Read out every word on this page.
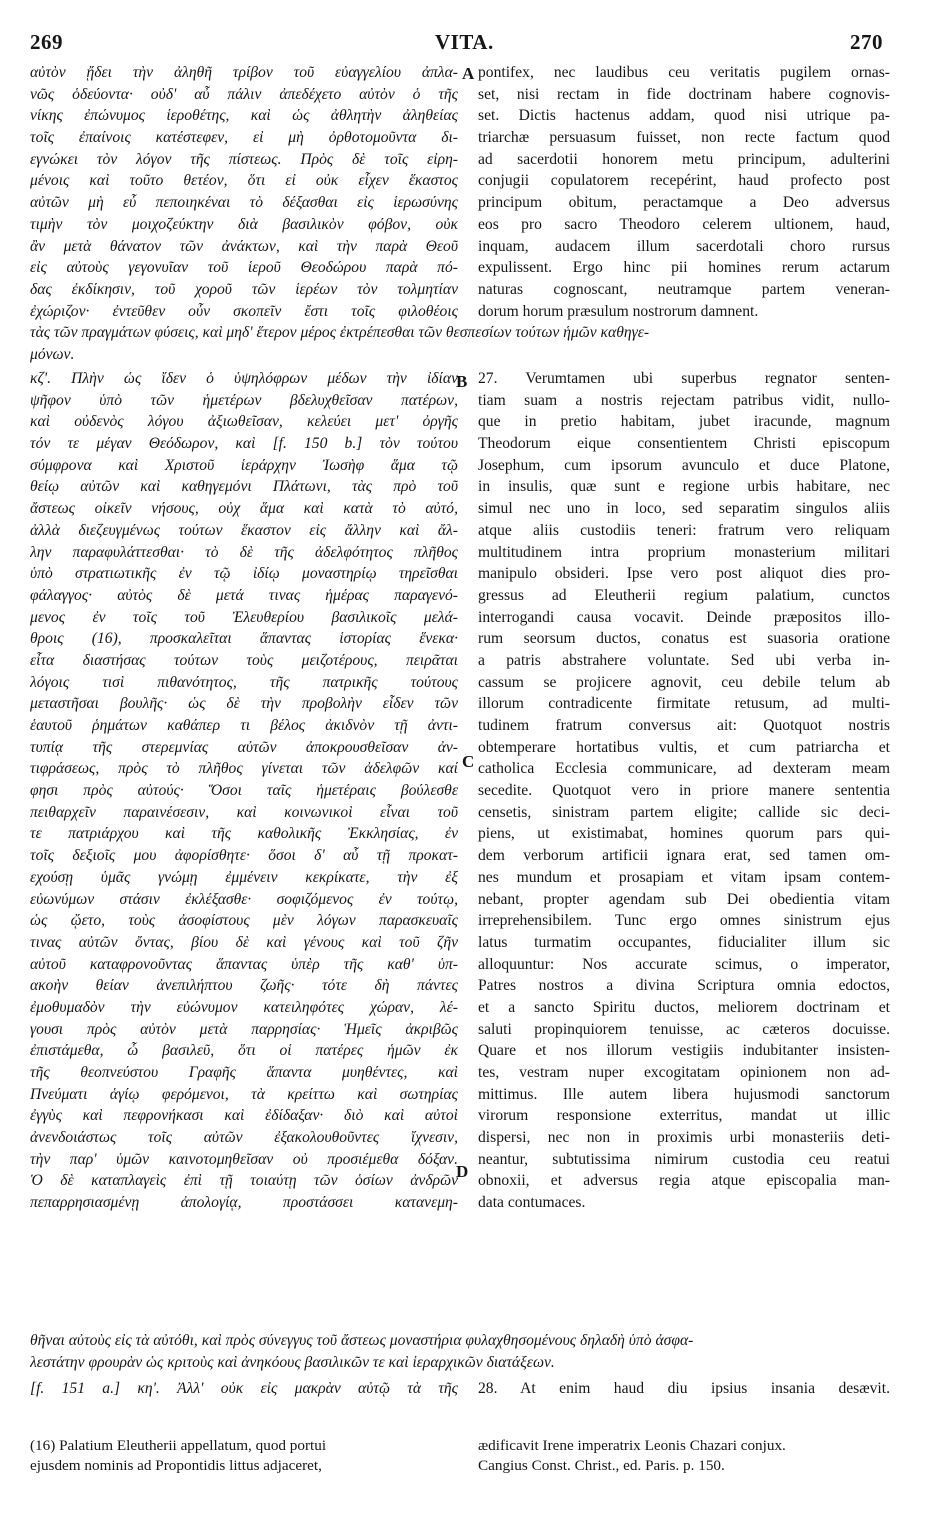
269	VITA.	270
αὐτὸν ᾔδει τὴν ἀληθῆ τρίβον τοῦ εὐαγγελίου ἀπλα-
νῶς ὁδεύοντα· οὐδ' αὖ πάλιν ἀπεδέχετο αὐτὸν ὁ τῆς
νίκης ἐπώνυμος ἱεροθέτης, καὶ ὡς ἀθλητὴν ἀληθείας
τοῖς ἐπαίνοις κατέστεφεν, εἰ μὴ ὀρθοτομοῦντα δι-
εγνώκει τὸν λόγον τῆς πίστεως. Πρὸς δὲ τοῖς εἰρη-
μένοις καὶ τοῦτο θετέον, ὅτι εἰ οὐκ εἶχεν ἕκαστος
αὐτῶν μὴ εὖ πεποιηκέναι τὸ δέξασθαι εἰς ἱερωσύνης
τιμὴν τὸν μοιχοζεύκτην διὰ βασιλικὸν φόβον, οὐκ
ἂν μετὰ θάνατον τῶν ἀνάκτων, καὶ τὴν παρὰ Θεοῦ
εἰς αὐτοὺς γεγονυῖαν τοῦ ἱεροῦ Θεοδώρου παρὰ πό-
δας ἐκδίκησιν, τοῦ χοροῦ τῶν ἱερέων τὸν τολμητίαν
ἐχώριζον· ἐντεῦθεν οὖν σκοπεῖν ἔστι τοῖς φιλοθέοις
A pontifex, nec laudibus ceu veritatis pugilem ornas-
set, nisi rectam in fide doctrinam habere cognovis-
set. Dictis hactenus addam, quod nisi utrique pa-
triarchæ persuasum fuisset, non recte factum quod
ad sacerdotii honorem metu principum, adulterini
conjugii copulatorem recepérint, haud profecto post
principum obitum, peractamque a Deo adversus
eos pro sacro Theodoro celerem ultionem, haud,
inquam, audacem illum sacerdotali choro rursus
expulissent. Ergo hinc pii homines rerum actarum
naturas cognoscant, neutramque partem veneran-
dorum horum præsulum nostrorum damnent.
τὰς τῶν πραγμάτων φύσεις, καὶ μηδ' ἕτερον μέρος ἐκτρέπεσθαι τῶν θεσπεσίων τούτων ἡμῶν καθηγε-
μόνων.
κζ'. Πλὴν ὡς ἴδεν ὁ ὑψηλόφρων μέδων τὴν ἰδίαν
ψῆφον ὑπὸ τῶν ἡμετέρων βδελυχθεῖσαν πατέρων,
καὶ οὐδενὸς λόγου ἀξιωθεῖσαν, κελεύει μετ' ὀργῆς
τόν τε μέγαν Θεόδωρον, καὶ [f. 150 b.] τὸν τούτου
σύμφρονα καὶ Χριστοῦ ἱεράρχην Ἰωσὴφ ἅμα τῷ
θείῳ αὐτῶν καὶ καθηγεμόνι Πλάτωνι, τὰς πρὸ τοῦ
ἄστεως οἰκεῖν νήσους, οὐχ ἅμα καὶ κατὰ τὸ αὐτό,
ἀλλὰ διεζευγμένως τούτων ἕκαστον εἰς ἄλλην καὶ ἄλ-
λην παραφυλάττεσθαι· τὸ δὲ τῆς ἀδελφότητος πλῆθος
ὑπὸ στρατιωτικῆς ἐν τῷ ἰδίῳ μοναστηρίῳ τηρεῖσθαι
φάλαγγος· αὐτὸς δὲ μετά τινας ἡμέρας παραγενό-
μενος ἐν τοῖς τοῦ Ἐλευθερίου βασιλικοῖς μελά-
θροις (16), προσκαλεῖται ἅπαντας ἱστορίας ἕνεκα·
εἶτα διαστήσας τούτων τοὺς μειζοτέρους, πειρᾶται
λόγοις τισὶ πιθανότητος, τῆς πατρικῆς τούτους
μεταστῆσαι βουλῆς· ὡς δὲ τὴν προβολὴν εἶδεν τῶν
ἑαυτοῦ ῥημάτων καθάπερ τι βέλος ἀκιδνὸν τῇ ἀντι-
τυπίᾳ τῆς στερεμνίας αὐτῶν ἀποκρουσθεῖσαν ἀν-
τιφράσεως, πρὸς τὸ πλῆθος γίνεται τῶν ἀδελφῶν καί
φησι πρὸς αὐτούς· Ὅσοι ταῖς ἡμετέραις βούλεσθε
πειθαρχεῖν παραινέσεσιν, καὶ κοινωνικοὶ εἶναι τοῦ
τε πατριάρχου καὶ τῆς καθολικῆς Ἐκκλησίας, ἐν
τοῖς δεξιοῖς μου ἀφορίσθητε· ὅσοι δ' αὖ τῇ προκατ-
εχούσῃ ὑμᾶς γνώμῃ ἐμμένειν κεκρίκατε, τὴν ἐξ
εὐωνύμων στάσιν ἐκλέξασθε· σοφιζόμενος ἐν τούτῳ,
ὡς ᾤετο, τοὺς ἀσοφίστους μὲν λόγων παρασκευαῖς
τινας αὐτῶν ὄντας, βίου δὲ καὶ γένους καὶ τοῦ ζῆν
αὐτοῦ καταφρονοῦντας ἅπαντας ὑπὲρ τῆς καθ' ὑπ-
ακοὴν θείαν ἀνεπιλήπτου ζωῆς· τότε δὴ πάντες
ἐμοθυμαδὸν τὴν εὐώνυμον κατειληφότες χώραν, λέ-
γουσι πρὸς αὐτὸν μετὰ παρρησίας· Ἡμεῖς ἀκριβῶς
ἐπιστάμεθα, ὦ βασιλεῦ, ὅτι οἱ πατέρες ἡμῶν ἐκ
τῆς θεοπνεύστου Γραφῆς ἅπαντα μυηθέντες, καὶ
Πνεύματι ἁγίῳ φερόμενοι, τὰ κρείττω καὶ σωτηρίας
ἐγγὺς καὶ πεφρονήκασι καὶ ἐδίδαξαν· διὸ καὶ αὐτοὶ
ἀνενδοιάστως τοῖς αὐτῶν ἐξακολουθοῦντες ἴχνεσιν,
τὴν παρ' ὑμῶν καινοτομηθεῖσαν οὐ προσιέμεθα δόξαν.
Ὁ δὲ καταπλαγεὶς ἐπὶ τῇ τοιαύτῃ τῶν ὁσίων ἀνδρῶν
πεπαρρησιασμένῃ ἀπολογίᾳ, προστάσσει κατανεμη-
B
C
D
27. Verumtamen ubi superbus regnator senten-
tiam suam a nostris rejectam patribus vidit, nullo-
que in pretio habitam, jubet iracunde, magnum
Theodorum eique consentientem Christi episcopum
Josephum, cum ipsorum avunculo et duce Platone,
in insulis, quæ sunt e regione urbis habitare, nec
simul nec uno in loco, sed separatim singulos aliis
atque aliis custodiis teneri: fratrum vero reliquam
multitudinem intra proprium monasterium militari
manipulo obsideri. Ipse vero post aliquot dies pro-
gressus ad Eleutherii regium palatium, cunctos
interrogandi causa vocavit. Deinde præpositos illo-
rum seorsum ductos, conatus est suasoria oratione
a patris abstrahere voluntate. Sed ubi verba in-
cassum se projicere agnovit, ceu debile telum ab
illorum contradicente firmitate retusum, ad multi-
tudinem fratrum conversus ait: Quotquot nostris
obtemperare hortatibus vultis, et cum patriarcha et
catholica Ecclesia communicare, ad dexteram meam
secedite. Quotquot vero in priore manere sententia
censetis, sinistram partem eligite; callide sic deci-
piens, ut existimabat, homines quorum pars qui-
dem verborum artificii ignara erat, sed tamen om-
nes mundum et prosapiam et vitam ipsam contem-
nebant, propter agendam sub Dei obedientia vitam
irreprehensibilem. Tunc ergo omnes sinistrum ejus
latus turmatim occupantes, fiducialiter illum sic
alloquuntur: Nos accurate scimus, o imperator,
Patres nostros a divina Scriptura omnia edoctos,
et a sancto Spiritu ductos, meliorem doctrinam et
saluti propinquiorem tenuisse, ac cæteros docuisse.
Quare et nos illorum vestigiis indubitanter insisten-
tes, vestram nuper excogitatam opinionem non ad-
mittimus. Ille autem libera hujusmodi sanctorum
virorum responsione exterritus, mandat ut illic
dispersi, nec non in proximis urbi monasteriis deti-
neantur, subtutissima nimirum custodia ceu reatui
obnoxii, et adversus regia atque episcopalia man-
data contumaces.
θῆναι αὐτοὺς εἰς τὰ αὐτόθι, καὶ πρὸς σύνεγγυς τοῦ ἄστεως μοναστήρια φυλαχθησομένους δηλαδὴ ὑπὸ ἀσφα-
λεστάτην φρουρὰν ὡς κριτοὺς καὶ ἀνηκόους βασιλικῶν τε καὶ ἱεραρχικῶν διατάξεων.
[f. 151 a.] κη'. Ἀλλ' οὐκ εἰς μακρὰν αὐτῷ τὰ τῆς 28. At enim haud diu ipsius insania desævit.
(16) Palatium Eleutherii appellatum, quod portui
ejusdem nominis ad Propontidis littus adjaceret,
ædificavit Irene imperatrix Leonis Chazari conjux.
Cangius Const. Christ., ed. Paris. p. 150.
